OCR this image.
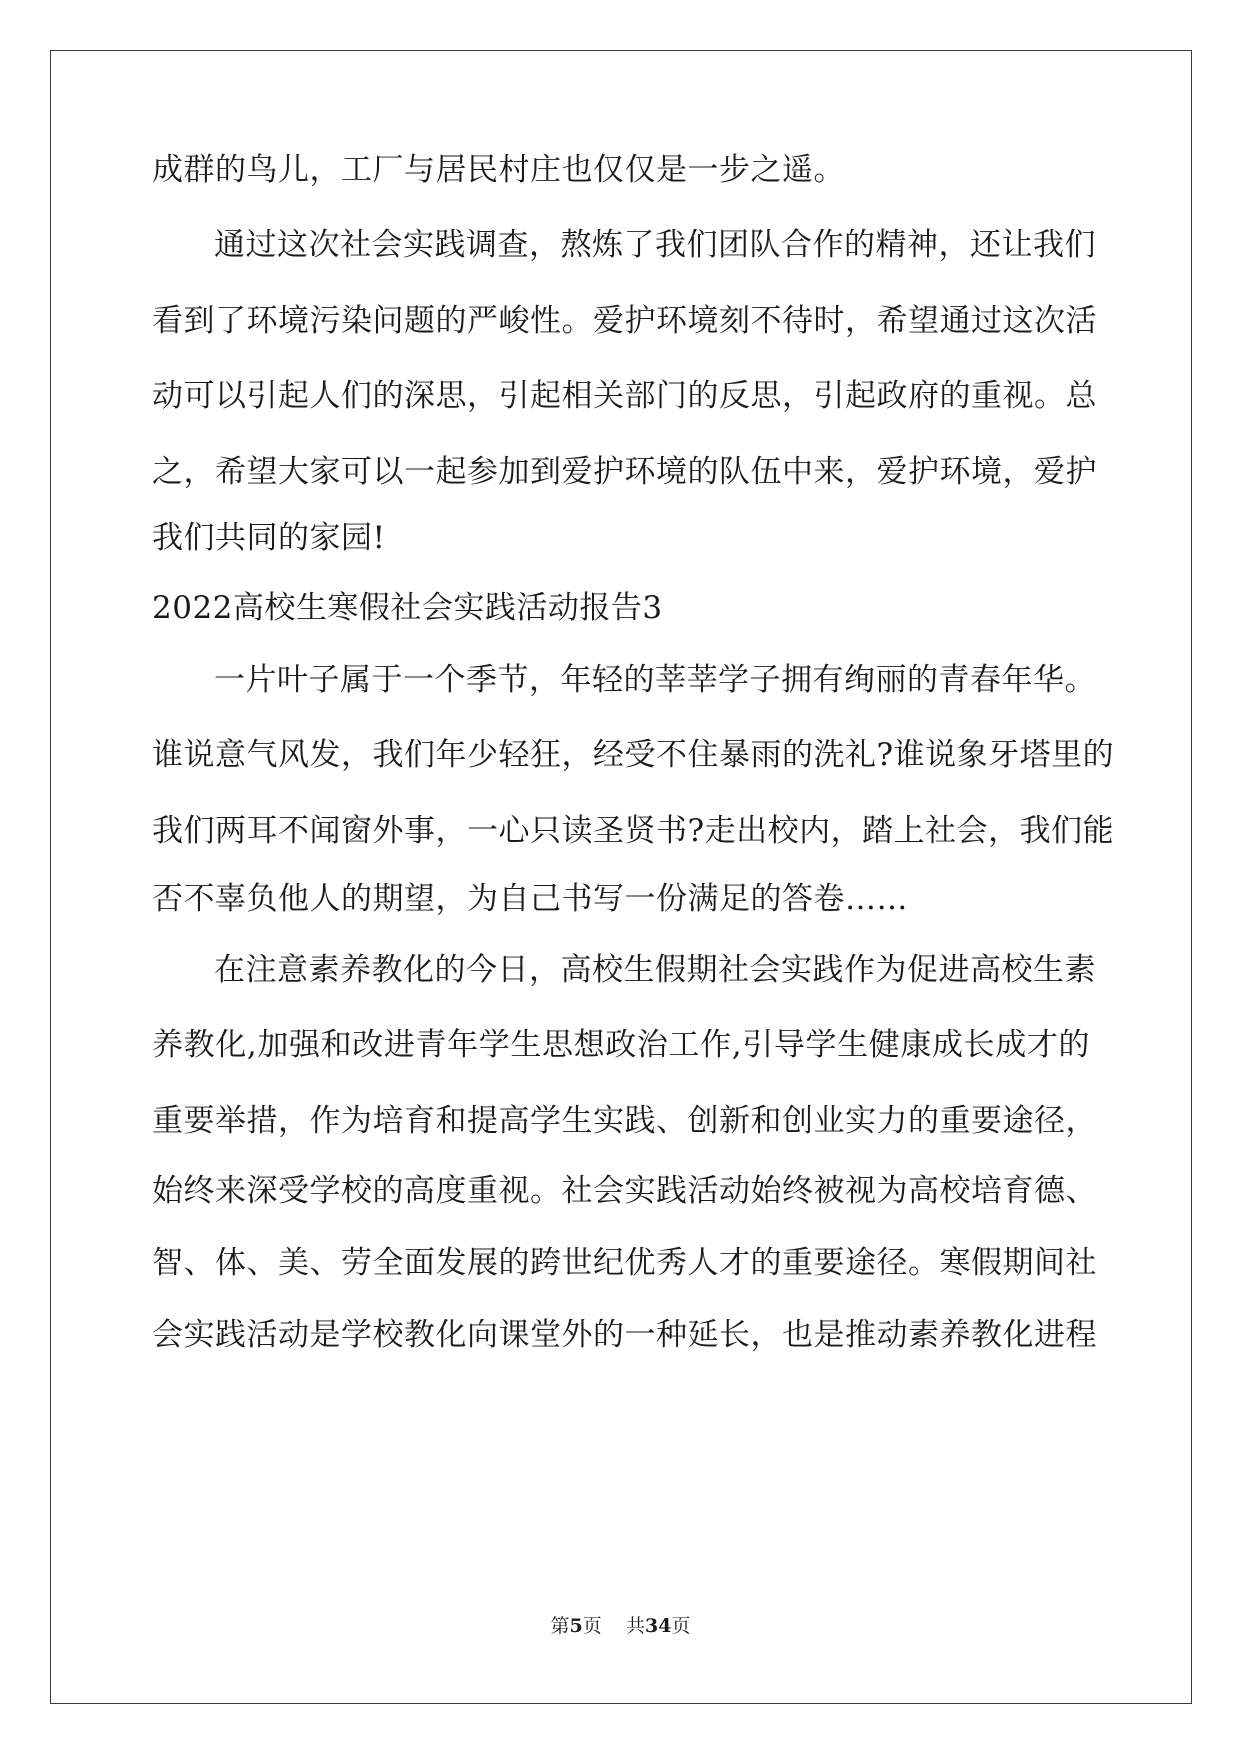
成群的鸟儿，工厂与居民村庄也仅仅是一步之遥。
通过这次社会实践调查，熬炼了我们团队合作的精神，还让我们
看到了环境污染问题的严峻性。爱护环境刻不待时，希望通过这次活
动可以引起人们的深思，引起相关部门的反思，引起政府的重视。总
之，希望大家可以一起参加到爱护环境的队伍中来，爱护环境，爱护
我们共同的家园!
2022高校生寒假社会实践活动报告3
一片叶子属于一个季节，年轻的莘莘学子拥有绚丽的青春年华。
谁说意气风发，我们年少轻狂，经受不住暴雨的洗礼?谁说象牙塔里的
我们两耳不闻窗外事，一心只读圣贤书?走出校内，踏上社会，我们能
否不辜负他人的期望，为自己书写一份满足的答卷……
在注意素养教化的今日，高校生假期社会实践作为促进高校生素
养教化,加强和改进青年学生思想政治工作,引导学生健康成长成才的
重要举措，作为培育和提高学生实践、创新和创业实力的重要途径，
始终来深受学校的高度重视。社会实践活动始终被视为高校培育德、
智、体、美、劳全面发展的跨世纪优秀人才的重要途径。寒假期间社
会实践活动是学校教化向课堂外的一种延长，也是推动素养教化进程
第5页 共34页
